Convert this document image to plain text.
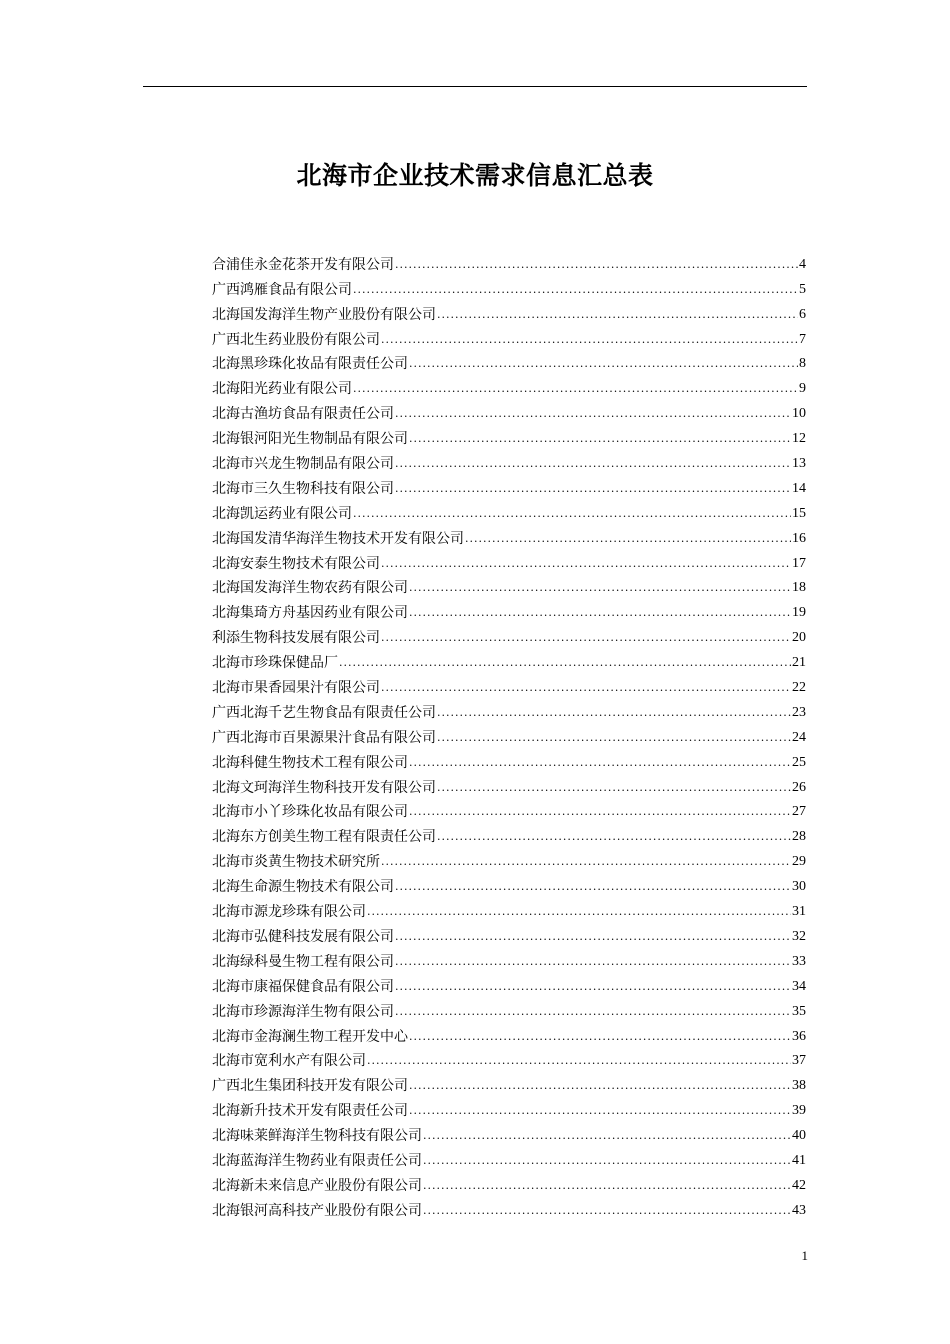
北海市企业技术需求信息汇总表
合浦佳永金花茶开发有限公司 .....	4
广西鸿雁食品有限公司 .....	5
北海国发海洋生物产业股份有限公司 .....	6
广西北生药业股份有限公司 .....	7
北海黑珍珠化妆品有限责任公司 .....	8
北海阳光药业有限公司 .....	9
北海古渔坊食品有限责任公司 .....	10
北海银河阳光生物制品有限公司 .....	12
北海市兴龙生物制品有限公司 .....	13
北海市三久生物科技有限公司 .....	14
北海凯运药业有限公司 .....	15
北海国发清华海洋生物技术开发有限公司 .....	16
北海安泰生物技术有限公司 .....	17
北海国发海洋生物农药有限公司 .....	18
北海集琦方舟基因药业有限公司 .....	19
利添生物科技发展有限公司 .....	20
北海市珍珠保健品厂 .....	21
北海市果香园果汁有限公司 .....	22
广西北海千艺生物食品有限责任公司 .....	23
广西北海市百果源果汁食品有限公司 .....	24
北海科健生物技术工程有限公司 .....	25
北海文珂海洋生物科技开发有限公司 .....	26
北海市小丫珍珠化妆品有限公司 .....	27
北海东方创美生物工程有限责任公司 .....	28
北海市炎黄生物技术研究所 .....	29
北海生命源生物技术有限公司 .....	30
北海市源龙珍珠有限公司 .....	31
北海市弘健科技发展有限公司 .....	32
北海绿科曼生物工程有限公司 .....	33
北海市康福保健食品有限公司 .....	34
北海市珍源海洋生物有限公司 .....	35
北海市金海澜生物工程开发中心 .....	36
北海市宽利水产有限公司 .....	37
广西北生集团科技开发有限公司 .....	38
北海新升技术开发有限责任公司 .....	39
北海味莱鲜海洋生物科技有限公司 .....	40
北海蓝海洋生物药业有限责任公司 .....	41
北海新未来信息产业股份有限公司 .....	42
北海银河高科技产业股份有限公司 .....	43
1
